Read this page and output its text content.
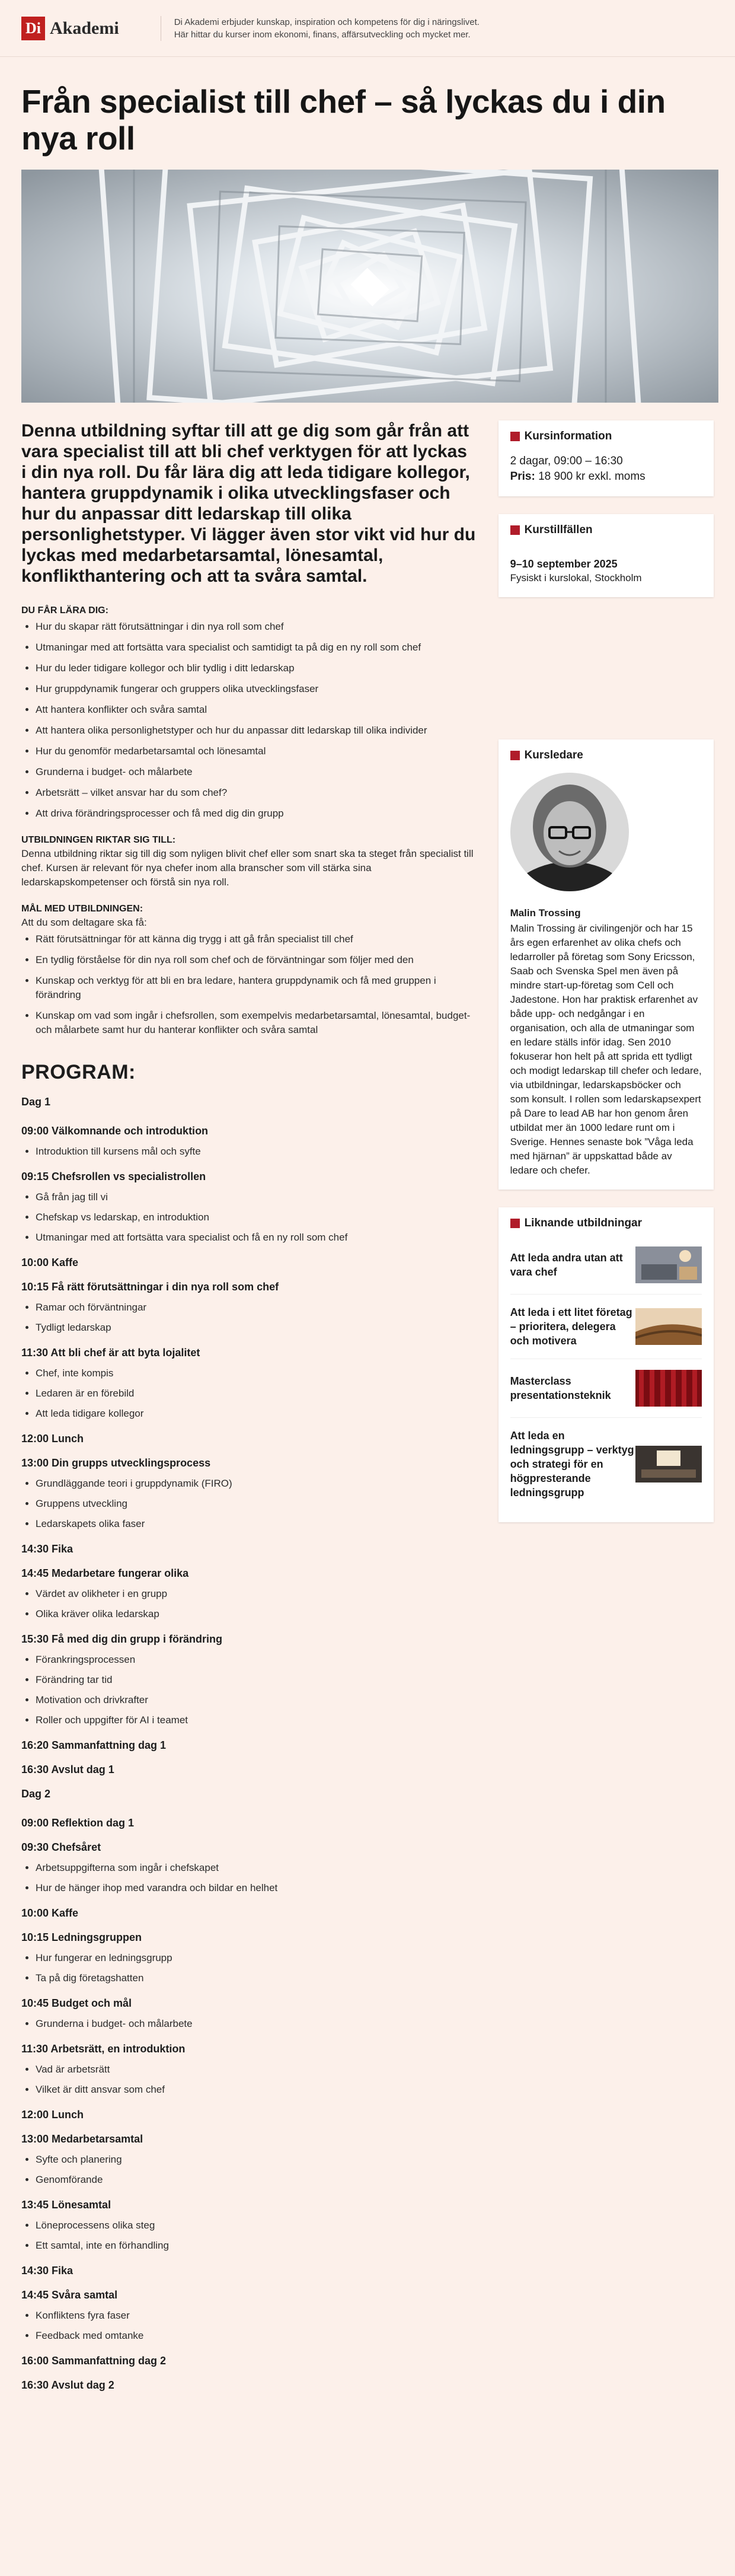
Di Akademi	Di Akademi erbjuder kunskap, inspiration och kompetens för dig i näringslivet.
Här hittar du kurser inom ekonomi, finans, affärsutveckling och mycket mer.
Från specialist till chef – så lyckas du i din nya roll

Denna utbildning syftar till att ge dig som går från att vara specialist till att bli chef verktygen för att lyckas i din nya roll. Du får lära dig att leda tidigare kollegor, hantera gruppdynamik i olika utvecklingsfaser och hur du anpassar ditt ledarskap till olika personlighetstyper. Vi lägger även stor vikt vid hur du lyckas med medarbetarsamtal, lönesamtal, konflikthantering och att ta svåra samtal.

DU FÅR LÄRA DIG:

• Hur du skapar rätt förutsättningar i din nya roll som chef
• Utmaningar med att fortsätta vara specialist och samtidigt ta på dig en ny roll som chef
• Hur du leder tidigare kollegor och blir tydlig i ditt ledarskap
• Hur gruppdynamik fungerar och gruppers olika utvecklingsfaser
• Att hantera konflikter och svåra samtal
• Att hantera olika personlighetstyper och hur du anpassar ditt ledarskap till olika individer
• Hur du genomför medarbetarsamtal och lönesamtal
• Grunderna i budget- och målarbete
• Arbetsrätt – vilket ansvar har du som chef?
• Att driva förändringsprocesser och få med dig din grupp

UTBILDNINGEN RIKTAR SIG TILL:

Denna utbildning riktar sig till dig som nyligen blivit chef eller som snart ska ta steget från specialist till chef. Kursen är relevant för nya chefer inom alla branscher som vill stärka sina ledarskapskompetenser och förstå sin nya roll.

MÅL MED UTBILDNINGEN:

Att du som deltagare ska få:

• Rätt förutsättningar för att känna dig trygg i att gå från specialist till chef
• En tydlig förståelse för din nya roll som chef och de förväntningar som följer med den
• Kunskap och verktyg för att bli en bra ledare, hantera gruppdynamik och få med gruppen i förändring
• Kunskap om vad som ingår i chefsrollen, som exempelvis medarbetarsamtal, lönesamtal, budget- och målarbete samt hur du hanterar konflikter och svåra samtal
PROGRAM:
Dag 1
09:00 Välkomnande och introduktion
• Introduktion till kursens mål och syfte
09:15 Chefsrollen vs specialistrollen
• Gå från jag till vi
• Chefskap vs ledarskap, en introduktion
• Utmaningar med att fortsätta vara specialist och få en ny roll som chef
10:00 Kaffe
10:15 Få rätt förutsättningar i din nya roll som chef
• Ramar och förväntningar
• Tydligt ledarskap
11:30 Att bli chef är att byta lojalitet
• Chef, inte kompis
• Ledaren är en förebild
• Att leda tidigare kollegor
12:00 Lunch
13:00 Din grupps utvecklingsprocess
• Grundläggande teori i gruppdynamik (FIRO)
• Gruppens utveckling
• Ledarskapets olika faser
14:30 Fika
14:45 Medarbetare fungerar olika
• Värdet av olikheter i en grupp
• Olika kräver olika ledarskap
15:30 Få med dig din grupp i förändring
• Förankringsprocessen
• Förändring tar tid
• Motivation och drivkrafter
• Roller och uppgifter för AI i teamet
16:20 Sammanfattning dag 1
16:30 Avslut dag 1
Dag 2
09:00 Reflektion dag 1
09:30 Chefsåret
• Arbetsuppgifterna som ingår i chefskapet
• Hur de hänger ihop med varandra och bildar en helhet
10:00 Kaffe
10:15 Ledningsgruppen
• Hur fungerar en ledningsgrupp
• Ta på dig företagshatten
10:45 Budget och mål
• Grunderna i budget- och målarbete
11:30 Arbetsrätt, en introduktion
• Vad är arbetsrätt
• Vilket är ditt ansvar som chef
12:00 Lunch
13:00 Medarbetarsamtal
• Syfte och planering
• Genomförande
13:45 Lönesamtal
• Löneprocessens olika steg
• Ett samtal, inte en förhandling
14:30 Fika
14:45 Svåra samtal
• Konfliktens fyra faser
• Feedback med omtanke
16:00 Sammanfattning dag 2
16:30 Avslut dag 2
Kursinformation
2 dagar, 09:00 – 16:30
Pris: 18 900 kr exkl. moms
Kurstillfällen
9–10 september 2025
Fysiskt i kurslokal, Stockholm
Kursledare
Malin Trossing
Malin Trossing är civilingenjör och har 15 års egen erfarenhet av olika chefs och ledarroller på företag som Sony Ericsson, Saab och Svenska Spel men även på mindre start-up-företag som Cell och Jadestone. Hon har praktisk erfarenhet av både upp- och nedgångar i en organisation, och alla de utmaningar som en ledare ställs inför idag. Sen 2010 fokuserar hon helt på att sprida ett tydligt och modigt ledarskap till chefer och ledare, via utbildningar, ledarskapsböcker och som konsult. I rollen som ledarskapsexpert på Dare to lead AB har hon genom åren utbildat mer än 1000 ledare runt om i Sverige. Hennes senaste bok ”Våga leda med hjärnan” är uppskattad både av ledare och chefer.
Liknande utbildningar
Att leda andra utan att vara chef
Att leda i ett litet företag – prioritera, delegera och motivera
Masterclass presentationsteknik
Att leda en ledningsgrupp – verktyg och strategi för en högpresterande ledningsgrupp
